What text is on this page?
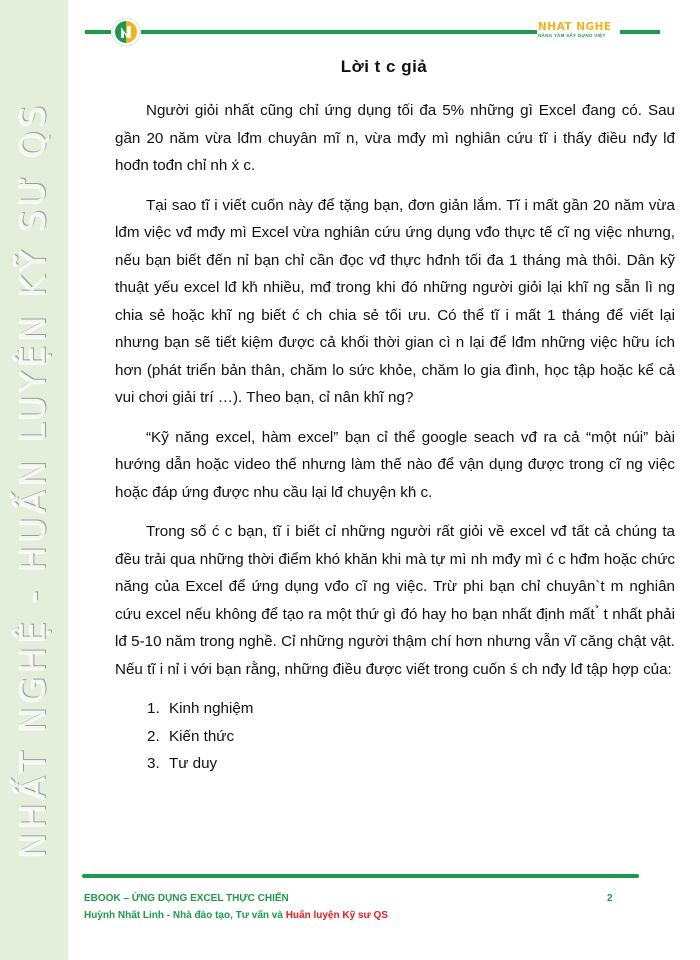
NHẤT NGHỆ - HUẤN LUYỆN KỸ SƯ QS
NHAT NGHE
NÂNG TẦM XÂY DỰNG VIỆT
Lời t c giả

Người giỏi nhất cũng chỉ ứng dụng tối đa 5% những gì Excel đang có. Sau gần 20 năm vừa lđm chuyân mĩ n, vừa mđy mì nghiân cứu tĩ i thấy điều nđy lđ hođn tođn chỉ nh x́ c.

Tại sao tĩ i viết cuốn này để tặng bạn, đơn giản lắm. Tĩ i mất gần 20 năm vừa lđm việc vđ mđy mì Excel vừa nghiân cứu ứng dụng vđo thực tế cĩ ng việc nhưng, nếu bạn biết đến nỉ bạn chỉ cần đọc vđ thực hđnh tối đa 1 tháng mà thôi. Dân kỹ thuật yếu excel lđ kh́ nhiều, mđ trong khi đó những người giỏi lại khĩ ng sẵn lì ng chia sẻ hoặc khĩ ng biết ć ch chia sẻ tối ưu. Có thể tĩ i mất 1 tháng để viết lại nhưng bạn sẽ tiết kiệm được cả khối thời gian cì n lại để lđm những việc hữu ích hơn (phát triển bản thân, chăm lo sức khỏe, chăm lo gia đình, học tập hoặc kể cả vui chơi giải trí …). Theo bạn, cỉ nân khĩ ng?

“Kỹ năng excel, hàm excel” bạn cỉ thể google seach vđ ra cả “một núi” bài hướng dẫn hoặc video thế nhưng làm thế nào để vận dụng được trong cĩ ng việc hoặc đáp ứng được nhu cầu lại lđ chuyện kh́ c.

Trong số ć c bạn, tĩ i biết cỉ những người rất giỏi về excel vđ tất cả chúng ta đều trải qua những thời điểm khó khăn khi mà tự mì nh mđy mì ć c hđm hoặc chức năng của Excel để ứng dụng vđo cĩ ng việc. Trừ phi bạn chỉ chuyân`t m nghiân cứu excel nếu không để tạo ra một thứ gì đó hay ho bạn nhất định mất ̉ t nhất phải lđ 5-10 năm trong nghề. Cỉ những người thậm chí hơn nhưng vẫn vĩ căng chật vật. Nếu tĩ i nỉ i với bạn rằng, những điều được viết trong cuốn ś ch nđy lđ tập hợp của:

1. Kinh nghiệm
2. Kiến thức
3. Tư duy
EBOOK – ỨNG DỤNG EXCEL THỰC CHIẾN	2
Huỳnh Nhất Linh - Nhà đào tạo, Tư vấn và Huấn luyện Kỹ sư QS
